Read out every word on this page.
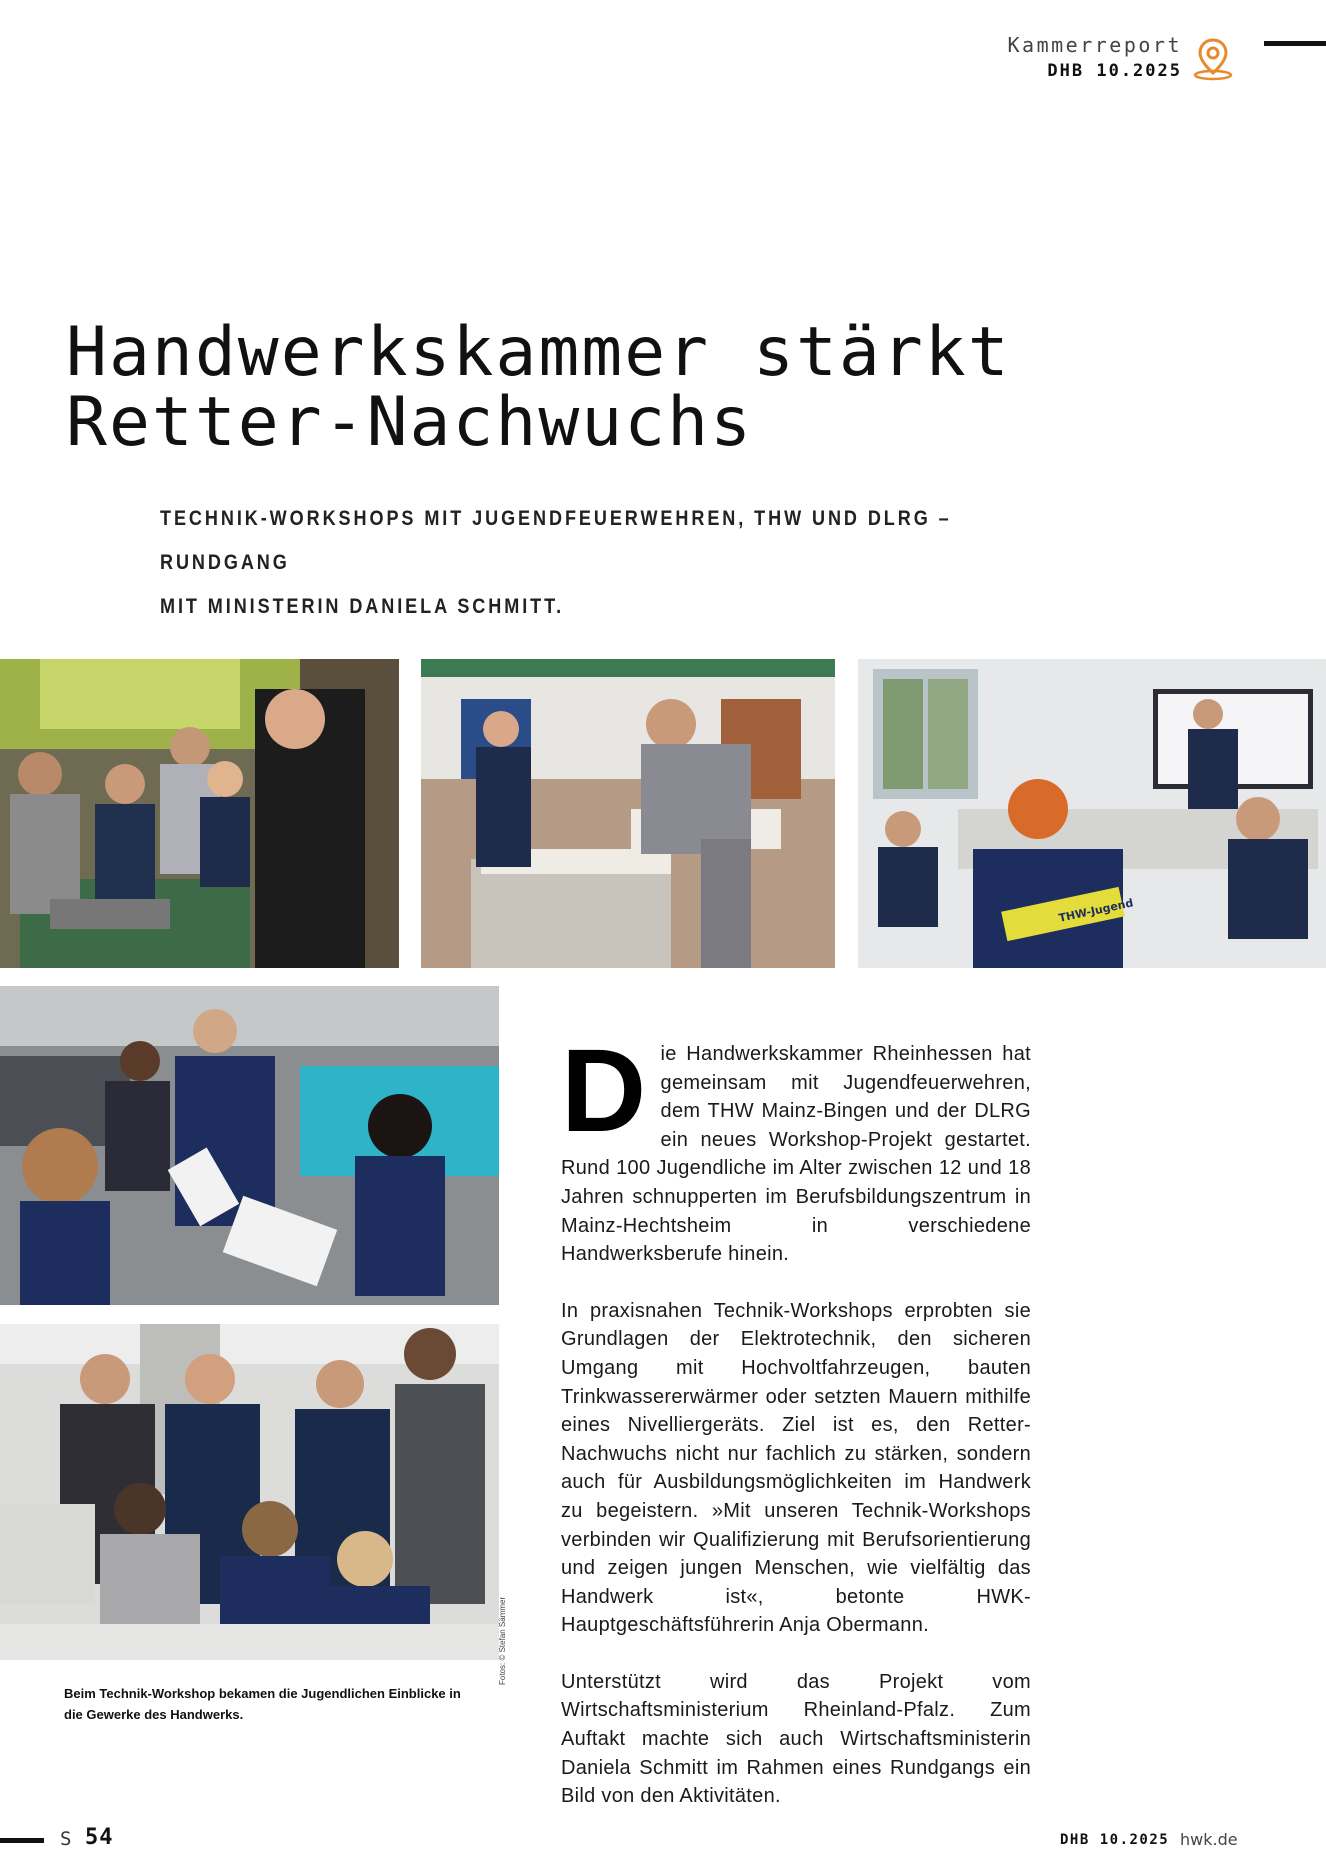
Kammerreport
DHB 10.2025
Handwerkskammer stärkt
Retter-Nachwuchs
TECHNIK-WORKSHOPS MIT JUGENDFEUERWEHREN, THW UND DLRG – RUNDGANG
MIT MINISTERIN DANIELA SCHMITT.
THW-Jugend
Fotos: © Stefan Sämmer
Beim Technik-Workshop bekamen die Jugendlichen Einblicke in die Gewerke des Handwerks.

Die Handwerkskammer Rheinhessen hat gemeinsam mit Jugendfeuerwehren, dem THW Mainz-Bingen und der DLRG ein neues Workshop-Projekt gestartet. Rund 100 Jugendliche im Alter zwischen 12 und 18 Jahren schnupperten im Berufsbildungszentrum in Mainz-Hechtsheim in verschiedene Handwerksberufe hinein.

In praxisnahen Technik-Workshops erprobten sie Grundlagen der Elektrotechnik, den sicheren Umgang mit Hochvoltfahrzeugen, bauten Trinkwassererwärmer oder setzten Mauern mithilfe eines Nivelliergeräts. Ziel ist es, den Retter-Nachwuchs nicht nur fachlich zu stärken, sondern auch für Ausbildungsmöglichkeiten im Handwerk zu begeistern. »Mit unseren Technik-Workshops verbinden wir Qualifizierung mit Berufsorientierung und zeigen jungen Menschen, wie vielfältig das Handwerk ist«, betonte HWK-Hauptgeschäftsführerin Anja Obermann.

Unterstützt wird das Projekt vom Wirtschaftsministerium Rheinland-Pfalz. Zum Auftakt machte sich auch Wirtschaftsministerin Daniela Schmitt im Rahmen eines Rundgangs ein Bild von den Aktivitäten.

S 54	DHB 10.2025 hwk.de
